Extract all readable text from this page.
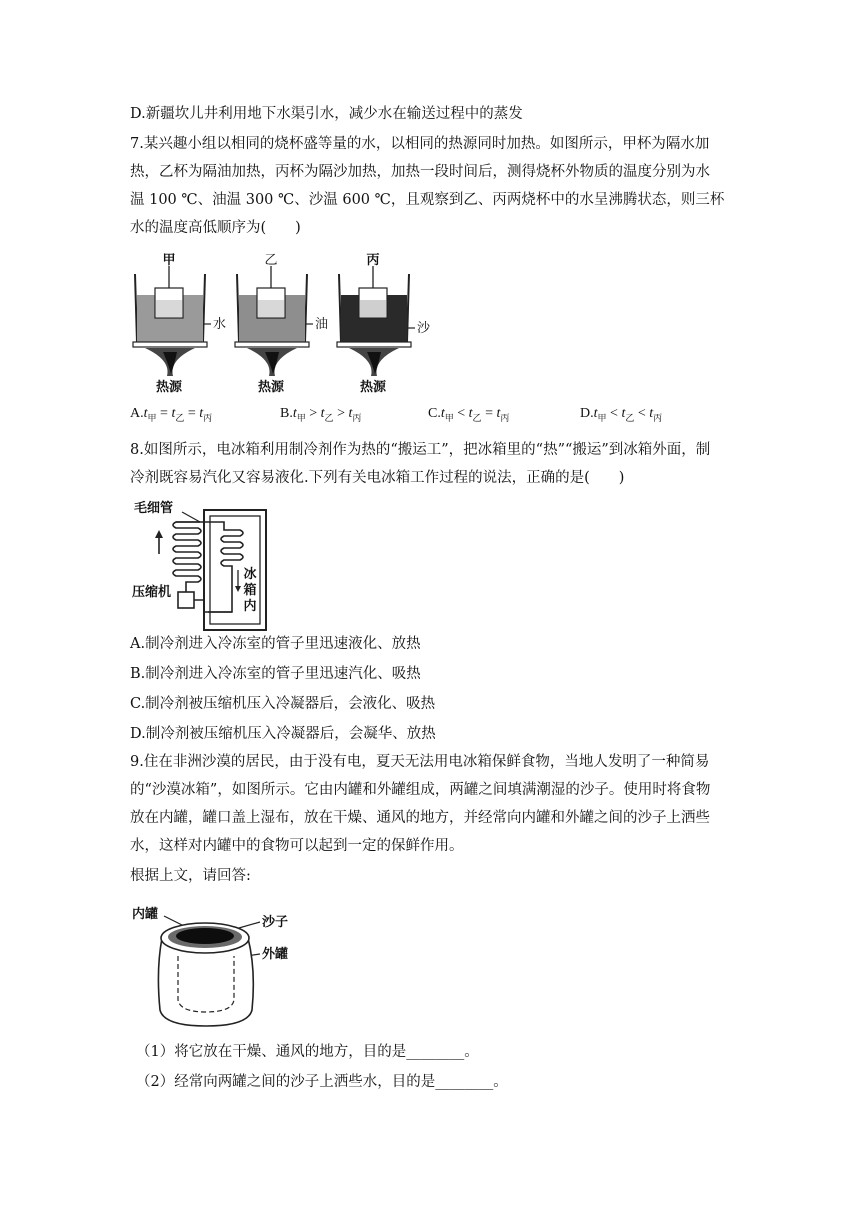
D.新疆坎儿井利用地下水渠引水，减少水在输送过程中的蒸发
7.某兴趣小组以相同的烧杯盛等量的水，以相同的热源同时加热。如图所示，甲杯为隔水加
热，乙杯为隔油加热，丙杯为隔沙加热，加热一段时间后，测得烧杯外物质的温度分别为水
温 100 ℃、油温 300 ℃、沙温 600 ℃，且观察到乙、丙两烧杯中的水呈沸腾状态，则三杯
水的温度高低顺序为(　　)
甲
水
热源
乙
油
热源
丙
沙
热源
$A.t_甲 = t_乙 = t_丙$	$B.t_甲 > t_乙 > t_丙$	$C.t_甲 < t_乙 = t_丙$	$D.t_甲 < t_乙 < t_丙$
8.如图所示，电冰箱利用制冷剂作为热的“搬运工”，把冰箱里的“热”“搬运”到冰箱外面，制
冷剂既容易汽化又容易液化.下列有关电冰箱工作过程的说法，正确的是(　　)
毛细管
冰
箱
内
压缩机
A.制冷剂进入冷冻室的管子里迅速液化、放热
B.制冷剂进入冷冻室的管子里迅速汽化、吸热
C.制冷剂被压缩机压入冷凝器后，会液化、吸热
D.制冷剂被压缩机压入冷凝器后，会凝华、放热
9.住在非洲沙漠的居民，由于没有电，夏天无法用电冰箱保鲜食物，当地人发明了一种简易
的“沙漠冰箱”，如图所示。它由内罐和外罐组成，两罐之间填满潮湿的沙子。使用时将食物
放在内罐，罐口盖上湿布，放在干燥、通风的地方，并经常向内罐和外罐之间的沙子上洒些
水，这样对内罐中的食物可以起到一定的保鲜作用。
根据上文，请回答:
内罐
沙子
外罐
（1）将它放在干燥、通风的地方，目的是________。
（2）经常向两罐之间的沙子上洒些水，目的是________。
